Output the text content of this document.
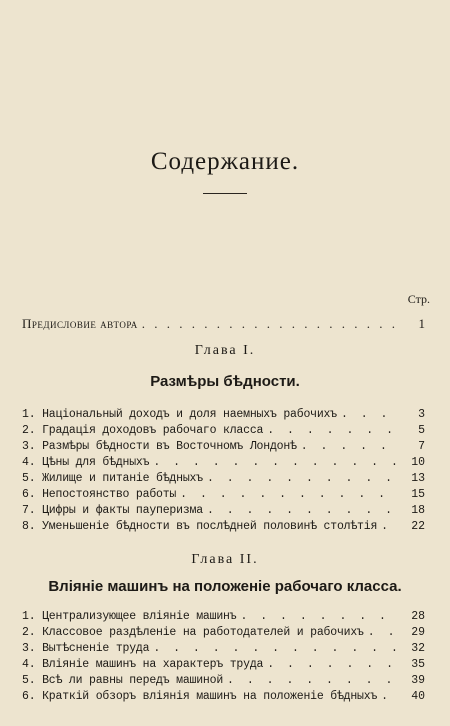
Содержание.
Стр.
Предисловие автора . . .	1
Глава I.
Размѣры бѣдности.
1. Національный доходъ и доля наемныхъ рабочихъ . . .	3
2. Градація доходовъ рабочаго класса . . .	5
3. Размѣры бѣдности въ Восточномъ Лондонѣ . . .	7
4. Цѣны для бѣдныхъ . . .	10
5. Жилище и питаніе бѣдныхъ . . .	13
6. Непостоянство работы . . .	15
7. Цифры и факты пауперизма . . .	18
8. Уменьшеніе бѣдности въ послѣдней половинѣ столѣтія . . .	22
Глава II.
Вліяніе машинъ на положеніе рабочаго класса.
1. Централизующее вліяніе машинъ . . .	28
2. Классовое раздѣленіе на работодателей и рабочихъ . . .	29
3. Вытѣсненіе труда . . .	32
4. Вліяніе машинъ на характеръ труда . . .	35
5. Всѣ ли равны передъ машиной . . .	39
6. Краткій обзоръ вліянія машинъ на положеніе бѣдныхъ . . .	40
